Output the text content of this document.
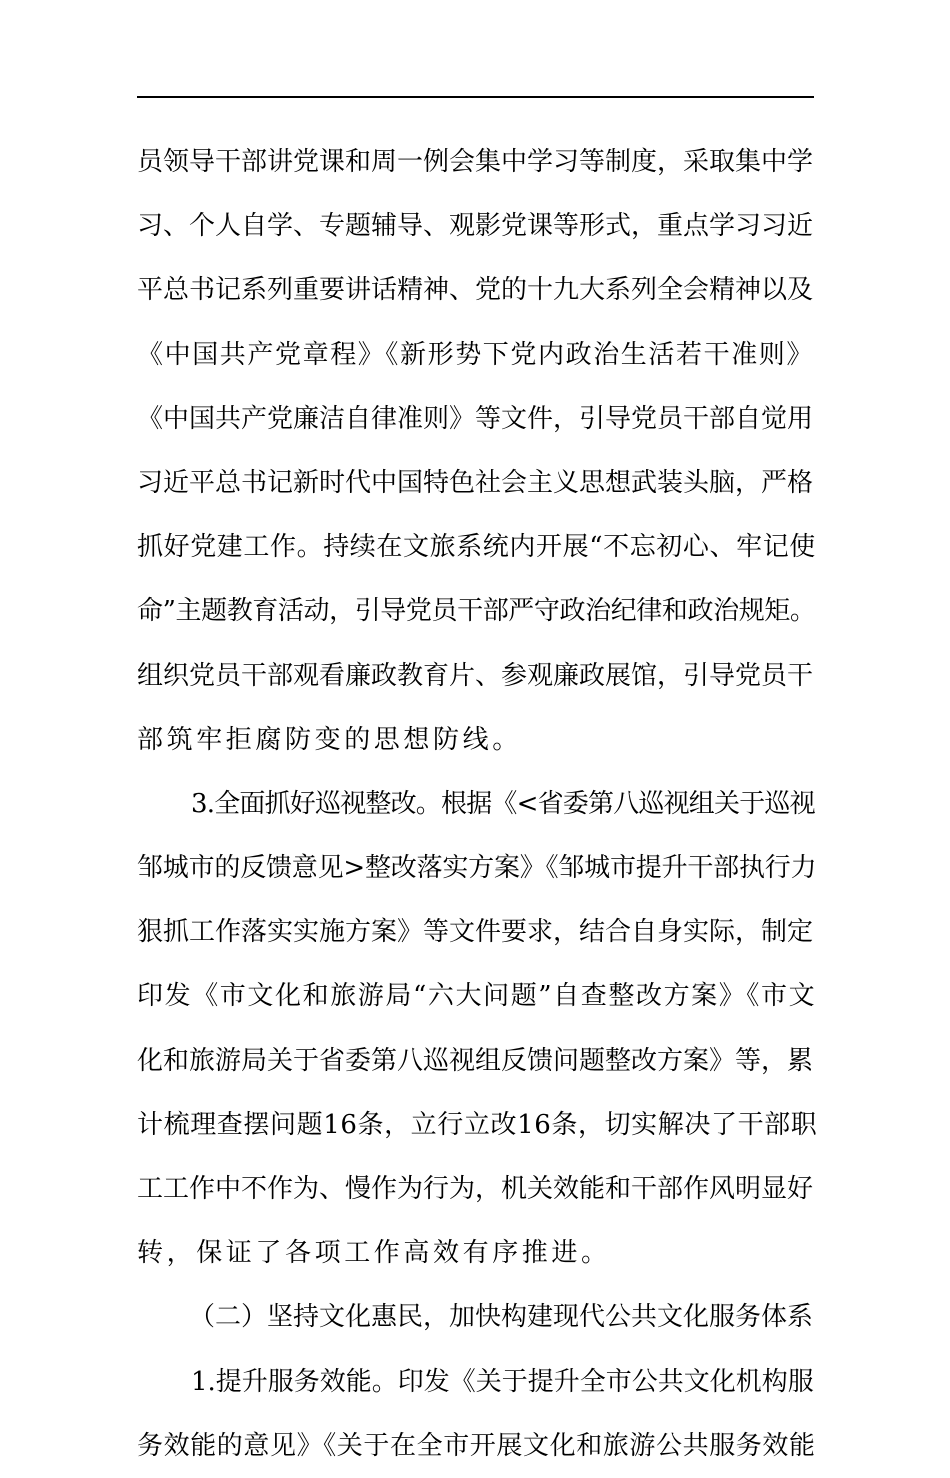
员领导干部讲党课和周一例会集中学习等制度，采取集中学
习、个人自学、专题辅导、观影党课等形式，重点学习习近
平总书记系列重要讲话精神、党的十九大系列全会精神以及
《中国共产党章程》《新形势下党内政治生活若干准则》
《中国共产党廉洁自律准则》等文件，引导党员干部自觉用
习近平总书记新时代中国特色社会主义思想武装头脑，严格
抓好党建工作。持续在文旅系统内开展“不忘初心、牢记使
命”主题教育活动，引导党员干部严守政治纪律和政治规矩。
组织党员干部观看廉政教育片、参观廉政展馆，引导党员干
部筑牢拒腐防变的思想防线。
3.全面抓好巡视整改。根据《<省委第八巡视组关于巡视
邹城市的反馈意见>整改落实方案》《邹城市提升干部执行力
狠抓工作落实实施方案》等文件要求，结合自身实际，制定
印发《市文化和旅游局“六大问题”自查整改方案》《市文
化和旅游局关于省委第八巡视组反馈问题整改方案》等，累
计梳理查摆问题16条，立行立改16条，切实解决了干部职
工工作中不作为、慢作为行为，机关效能和干部作风明显好
转，保证了各项工作高效有序推进。
（二）坚持文化惠民，加快构建现代公共文化服务体系
1.提升服务效能。印发《关于提升全市公共文化机构服
务效能的意见》《关于在全市开展文化和旅游公共服务效能
